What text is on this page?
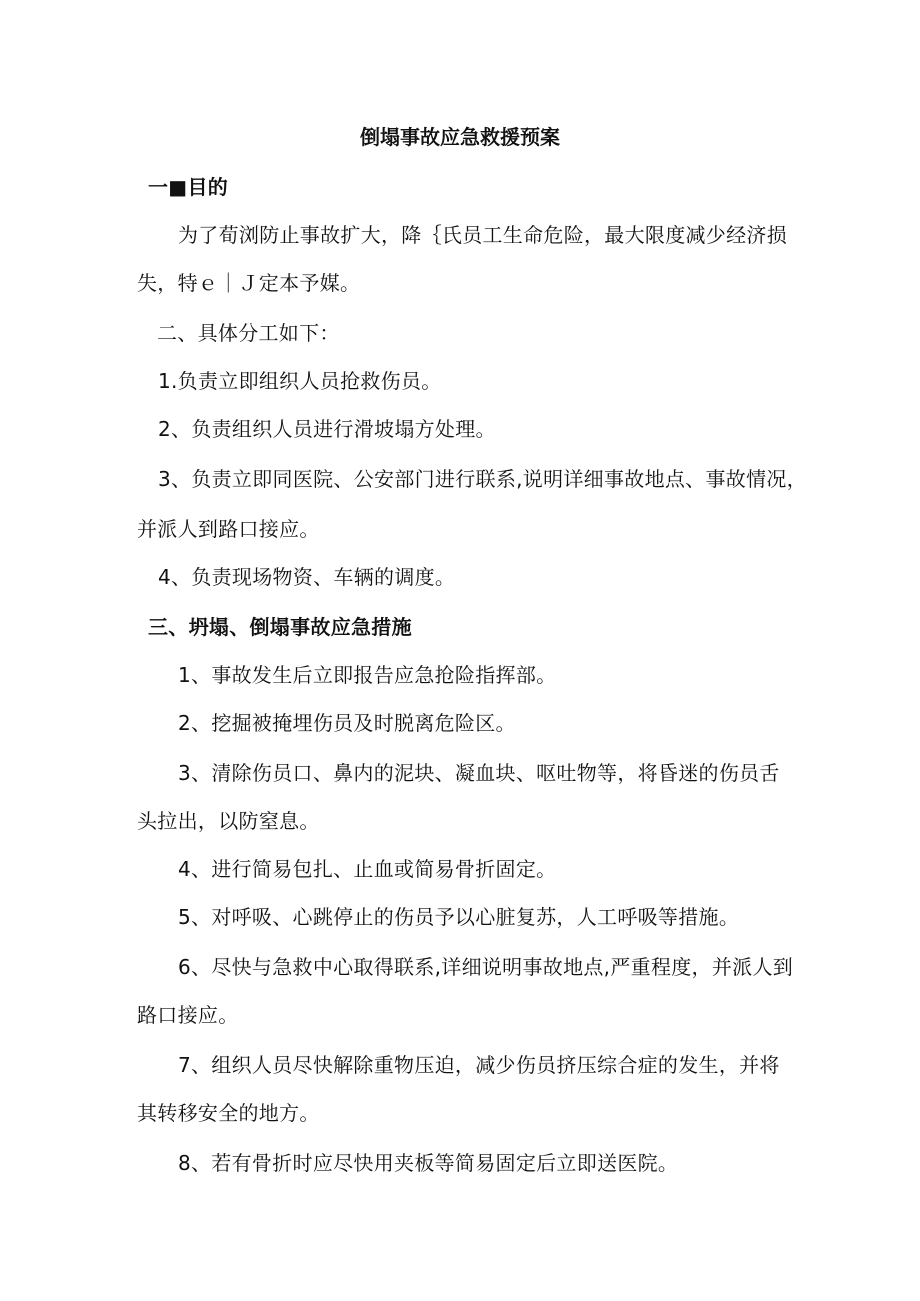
倒塌事故应急救援预案

一■目的

为了荀浏防止事故扩大，降｛氏员工生命危险，最大限度减少经济损

失，特ｅ｜Ｊ定本予媒。

二、具体分工如下：

1.负责立即组织人员抢救伤员。

2、负责组织人员进行滑坡塌方处理。

3、负责立即同医院、公安部门进行联系,说明详细事故地点、事故情况，

并派人到路口接应。

4、负责现场物资、车辆的调度。

三、坍塌、倒塌事故应急措施

1、事故发生后立即报告应急抢险指挥部。

2、挖掘被掩埋伤员及时脱离危险区。

3、清除伤员口、鼻内的泥块、凝血块、呕吐物等，将昏迷的伤员舌

头拉出，以防窒息。

4、进行简易包扎、止血或简易骨折固定。

5、对呼吸、心跳停止的伤员予以心脏复苏，人工呼吸等措施。

6、尽快与急救中心取得联系,详细说明事故地点,严重程度，并派人到

路口接应。

7、组织人员尽快解除重物压迫，减少伤员挤压综合症的发生，并将

其转移安全的地方。

8、若有骨折时应尽快用夹板等简易固定后立即送医院。
